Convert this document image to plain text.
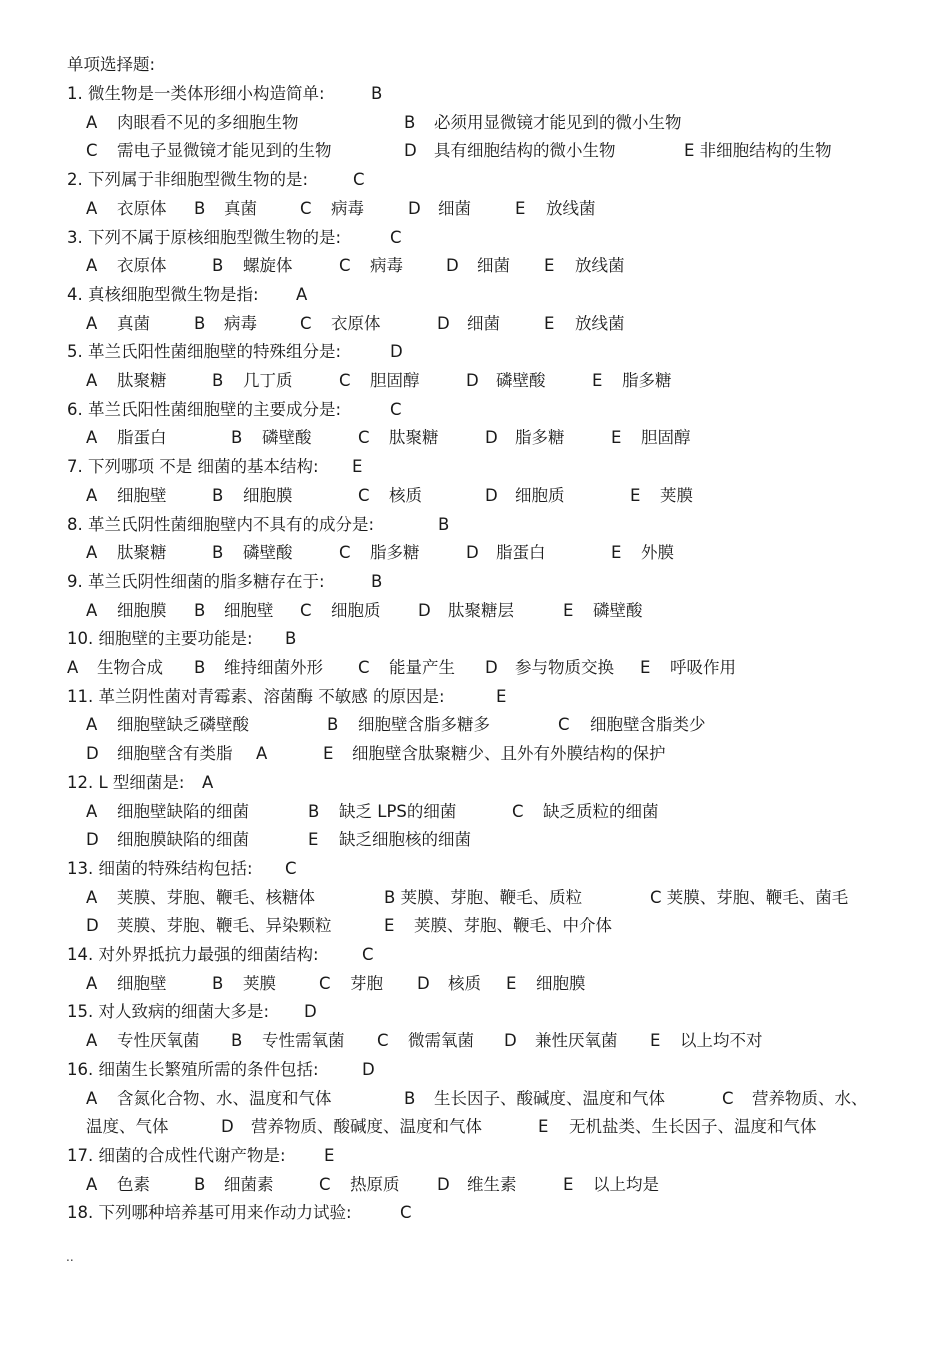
单项选择题:
1. 微生物是一类体形细小构造简单:	B
A 肉眼看不见的多细胞生物	B 必须用显微镜才能见到的微小生物
C 需电子显微镜才能见到的生物	D 具有细胞结构的微小生物	E 非细胞结构的生物
2. 下列属于非细胞型微生物的是:	C
A 衣原体 B 真菌	C 病毒	D 细菌	E 放线菌
3. 下列不属于原核细胞型微生物的是:	C
A 衣原体	B 螺旋体	C 病毒	D 细菌 E 放线菌
4. 真核细胞型微生物是指: A
A 真菌	B 病毒	C 衣原体	D 细菌	E 放线菌
5. 革兰氏阳性菌细胞壁的特殊组分是:	D
A 肽聚糖	B 几丁质	C 胆固醇	D 磷壁酸	E 脂多糖
6. 革兰氏阳性菌细胞壁的主要成分是:	C
A 脂蛋白	B 磷壁酸	C 肽聚糖	D 脂多糖	E 胆固醇
7. 下列哪项 不是 细菌的基本结构: E
A 细胞壁	B 细胞膜	C 核质	D 细胞质	E 荚膜
8. 革兰氏阴性菌细胞壁内不具有的成分是:	B
A 肽聚糖	B 磷壁酸	C 脂多糖	D 脂蛋白	E 外膜
9. 革兰氏阴性细菌的脂多糖存在于:	B
A 细胞膜 B 细胞壁 C 细胞质 D 肽聚糖层	E 磷壁酸
10. 细胞壁的主要功能是: B
A 生物合成 B 维持细菌外形 C 能量产生 D 参与物质交换 E 呼吸作用
11. 革兰阴性菌对青霉素、溶菌酶 不敏感 的原因是:	E
A 细胞壁缺乏磷壁酸	B 细胞壁含脂多糖多	C 细胞壁含脂类少
D 细胞壁含有类脂 A	E 细胞壁含肽聚糖少、且外有外膜结构的保护
12. L 型细菌是: A
A 细胞壁缺陷的细菌	B 缺乏 LPS的细菌	C 缺乏质粒的细菌
D 细胞膜缺陷的细菌	E 缺乏细胞核的细菌
13. 细菌的特殊结构包括: C
A 荚膜、芽胞、鞭毛、核糖体	B 荚膜、芽胞、鞭毛、质粒	C 荚膜、芽胞、鞭毛、菌毛
D 荚膜、芽胞、鞭毛、异染颗粒	E 荚膜、芽胞、鞭毛、中介体
14. 对外界抵抗力最强的细菌结构:	C
A 细胞壁	B 荚膜	C 芽胞 D 核质 E 细胞膜
15. 对人致病的细菌大多是: D
A 专性厌氧菌 B 专性需氧菌 C 微需氧菌 D 兼性厌氧菌 E 以上均不对
16. 细菌生长繁殖所需的条件包括:	D
A 含氮化合物、水、温度和气体	B 生长因子、酸碱度、温度和气体	C 营养物质、水、
温度、气体	D 营养物质、酸碱度、温度和气体	E 无机盐类、生长因子、温度和气体
17. 细菌的合成性代谢产物是: E
A 色素	B 细菌素	C 热原质 D 维生素	E 以上均是
18. 下列哪种培养基可用来作动力试验:	C
..
